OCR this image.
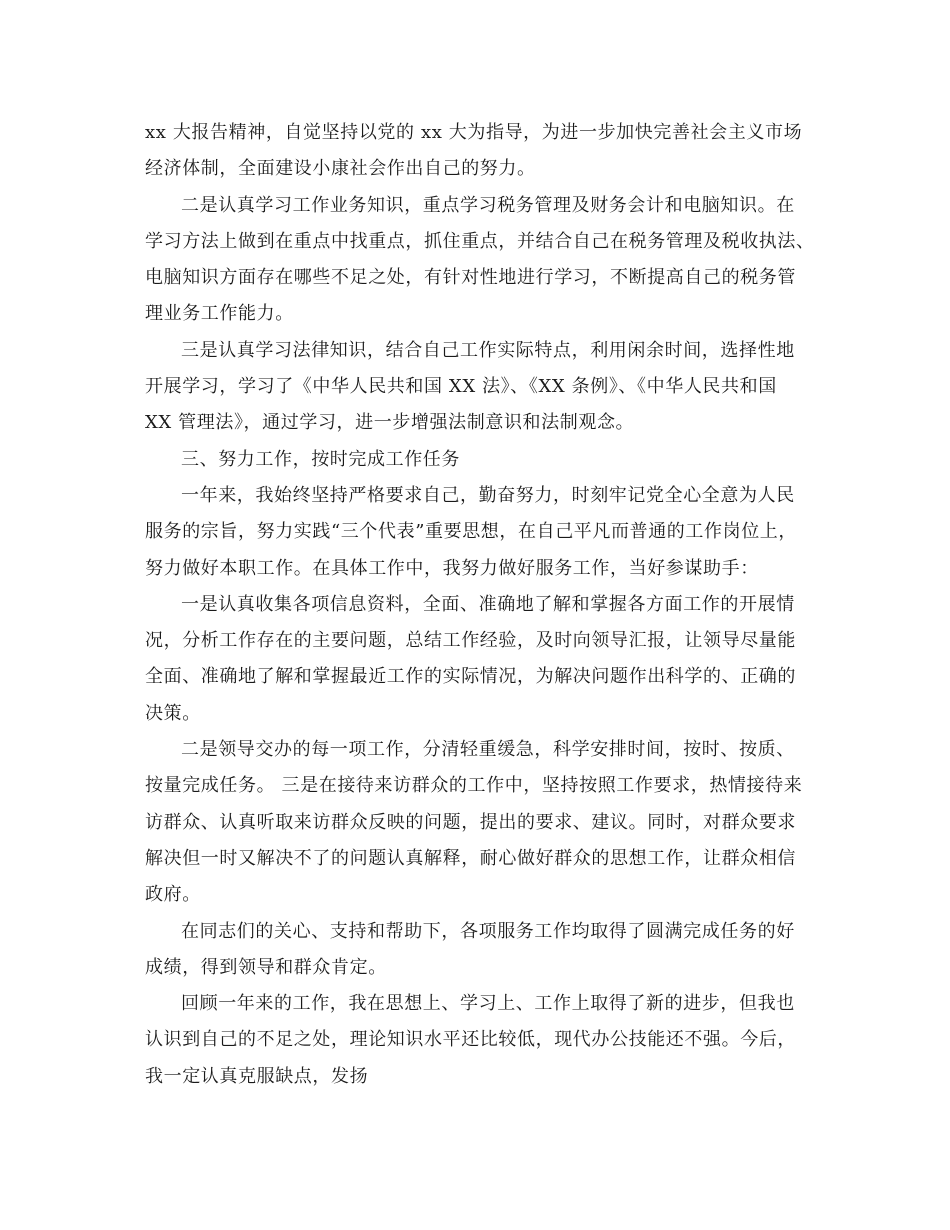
xx 大报告精神，自觉坚持以党的 xx 大为指导，为进一步加快完善社会主义市场
经济体制，全面建设小康社会作出自己的努力。
二是认真学习工作业务知识，重点学习税务管理及财务会计和电脑知识。在
学习方法上做到在重点中找重点，抓住重点，并结合自己在税务管理及税收执法、
电脑知识方面存在哪些不足之处，有针对性地进行学习，不断提高自己的税务管
理业务工作能力。
三是认真学习法律知识，结合自己工作实际特点，利用闲余时间，选择性地
开展学习，学习了《中华人民共和国 XX 法》、《XX 条例》、《中华人民共和国
XX 管理法》，通过学习，进一步增强法制意识和法制观念。
三、努力工作，按时完成工作任务
一年来，我始终坚持严格要求自己，勤奋努力，时刻牢记党全心全意为人民
服务的宗旨，努力实践“三个代表”重要思想，在自己平凡而普通的工作岗位上，
努力做好本职工作。在具体工作中，我努力做好服务工作，当好参谋助手：
一是认真收集各项信息资料，全面、准确地了解和掌握各方面工作的开展情
况，分析工作存在的主要问题，总结工作经验，及时向领导汇报，让领导尽量能
全面、准确地了解和掌握最近工作的实际情况，为解决问题作出科学的、正确的
决策。
二是领导交办的每一项工作，分清轻重缓急，科学安排时间，按时、按质、
按量完成任务。 三是在接待来访群众的工作中，坚持按照工作要求，热情接待来
访群众、认真听取来访群众反映的问题，提出的要求、建议。同时，对群众要求
解决但一时又解决不了的问题认真解释，耐心做好群众的思想工作，让群众相信
政府。
在同志们的关心、支持和帮助下，各项服务工作均取得了圆满完成任务的好
成绩，得到领导和群众肯定。
回顾一年来的工作，我在思想上、学习上、工作上取得了新的进步，但我也
认识到自己的不足之处，理论知识水平还比较低，现代办公技能还不强。今后，
我一定认真克服缺点，发扬
